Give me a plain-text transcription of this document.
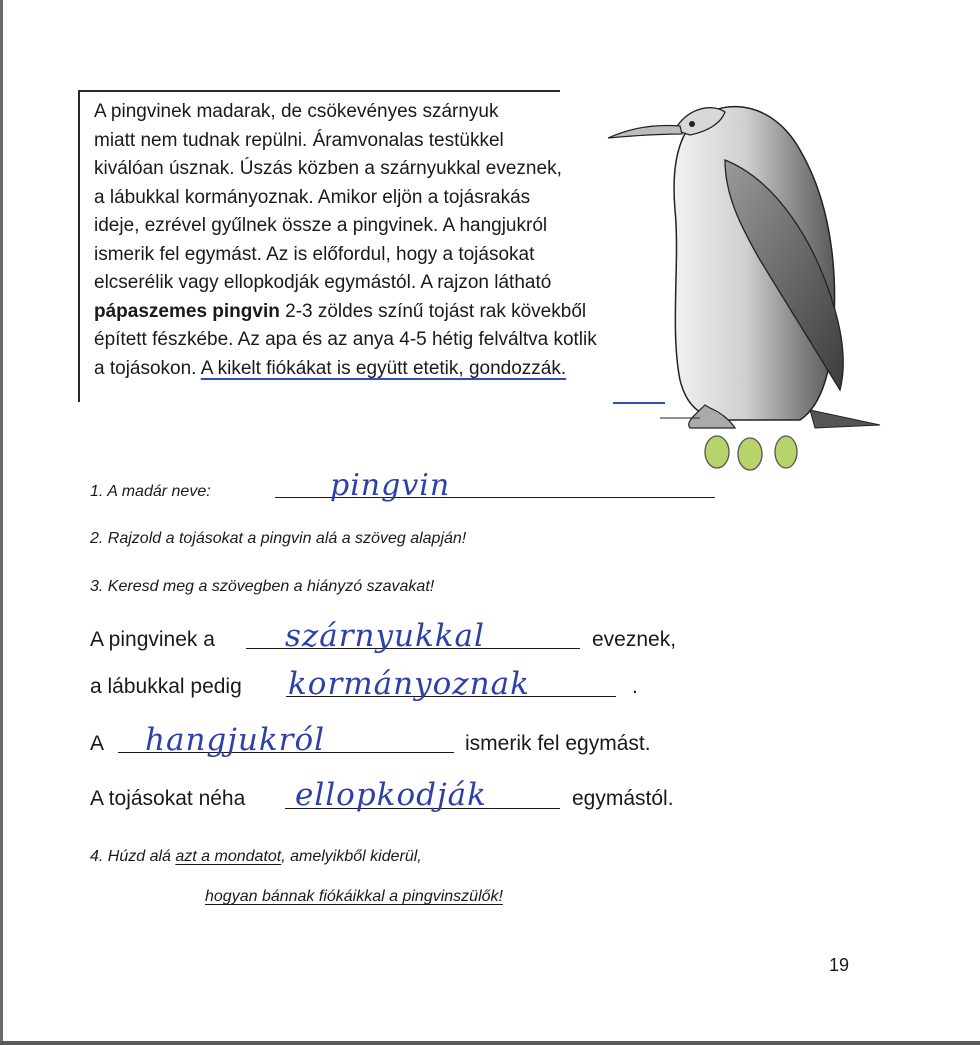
A pingvinek madarak, de csökevényes szárnyuk

miatt nem tudnak repülni. Áramvonalas testükkel

kiválóan úsznak. Úszás közben a szárnyukkal eveznek,

a lábukkal kormányoznak. Amikor eljön a tojásrakás

ideje, ezrével gyűlnek össze a pingvinek. A hangjukról

ismerik fel egymást. Az is előfordul, hogy a tojásokat

elcserélik vagy ellopkodják egymástól. A rajzon látható

pápaszemes pingvin 2-3 zöldes színű tojást rak kövekből

épített fészkébe. Az apa és az anya 4-5 hétig felváltva kotlik

a tojásokon. A kikelt fiókákat is együtt etetik, gondozzák.

1. A madár neve:	pingvin
2. Rajzold a tojásokat a pingvin alá a szöveg alapján!
3. Keresd meg a szövegben a hiányzó szavakat!
A pingvinek a szárnyukkal	eveznek,
a lábukkal pedig kormányoznak	.
A hangjukról	ismerik fel egymást.
A tojásokat néha ellopkodják	egymástól.
4. Húzd alá azt a mondatot, amelyikből kiderül,
hogyan bánnak fiókáikkal a pingvinszülők!
19
